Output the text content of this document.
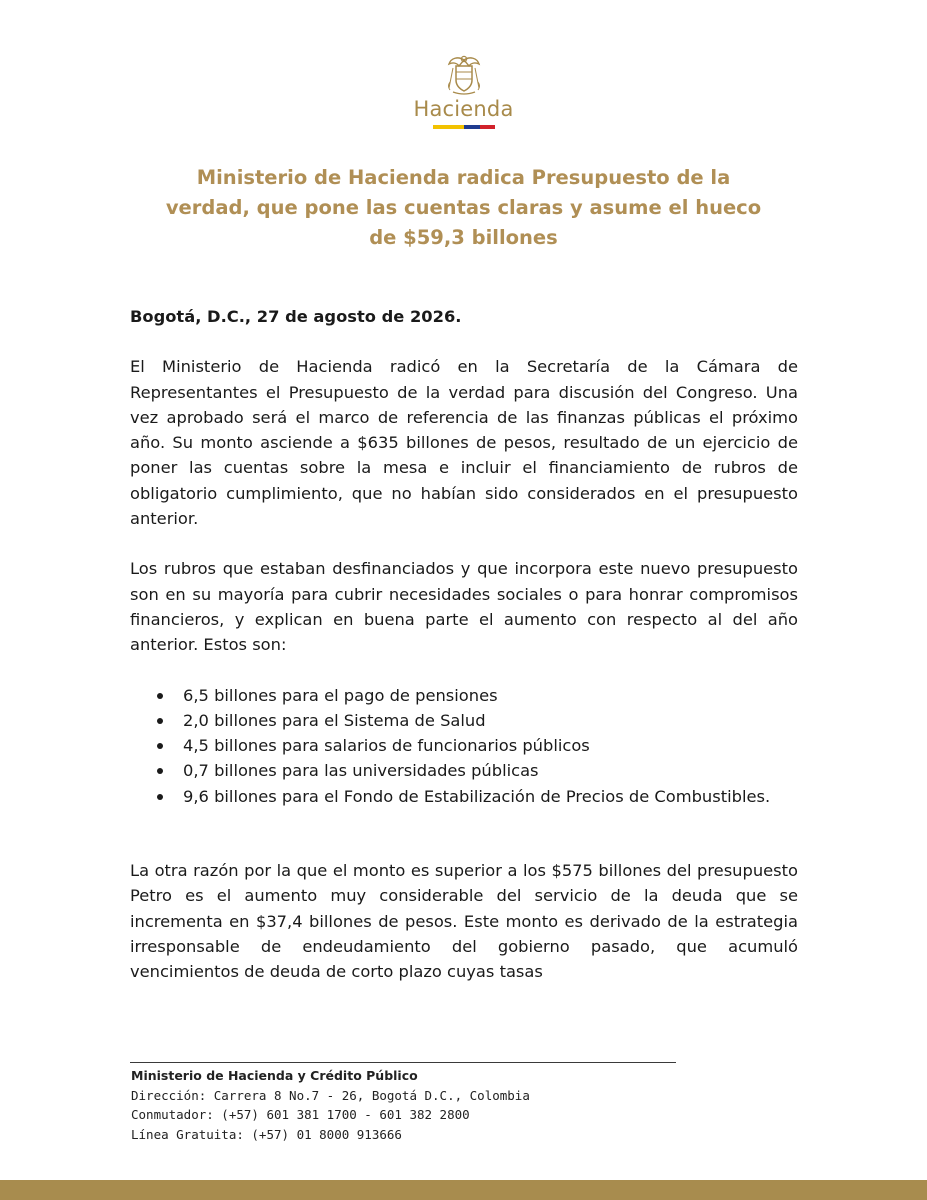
Hacienda
Ministerio de Hacienda radica Presupuesto de la
verdad, que pone las cuentas claras y asume el hueco
de $59,3 billones

Bogotá, D.C., 27 de agosto de 2026.

El Ministerio de Hacienda radicó en la Secretaría de la Cámara de Representantes el Presupuesto de la verdad para discusión del Congreso. Una vez aprobado será el marco de referencia de las finanzas públicas el próximo año. Su monto asciende a $635 billones de pesos, resultado de un ejercicio de poner las cuentas sobre la mesa e incluir el financiamiento de rubros de obligatorio cumplimiento, que no habían sido considerados en el presupuesto anterior.

Los rubros que estaban desfinanciados y que incorpora este nuevo presupuesto son en su mayoría para cubrir necesidades sociales o para honrar compromisos financieros, y explican en buena parte el aumento con respecto al del año anterior. Estos son:

6,5 billones para el pago de pensiones
2,0 billones para el Sistema de Salud
4,5 billones para salarios de funcionarios públicos
0,7 billones para las universidades públicas
9,6 billones para el Fondo de Estabilización de Precios de Combustibles.

La otra razón por la que el monto es superior a los $575 billones del presupuesto Petro es el aumento muy considerable del servicio de la deuda que se incrementa en $37,4 billones de pesos. Este monto es derivado de la estrategia irresponsable de endeudamiento del gobierno pasado, que acumuló vencimientos de deuda de corto plazo cuyas tasas

Ministerio de Hacienda y Crédito Público
Dirección: Carrera 8 No.7 - 26, Bogotá D.C., Colombia
Conmutador: (+57) 601 381 1700 - 601 382 2800
Línea Gratuita: (+57) 01 8000 913666
